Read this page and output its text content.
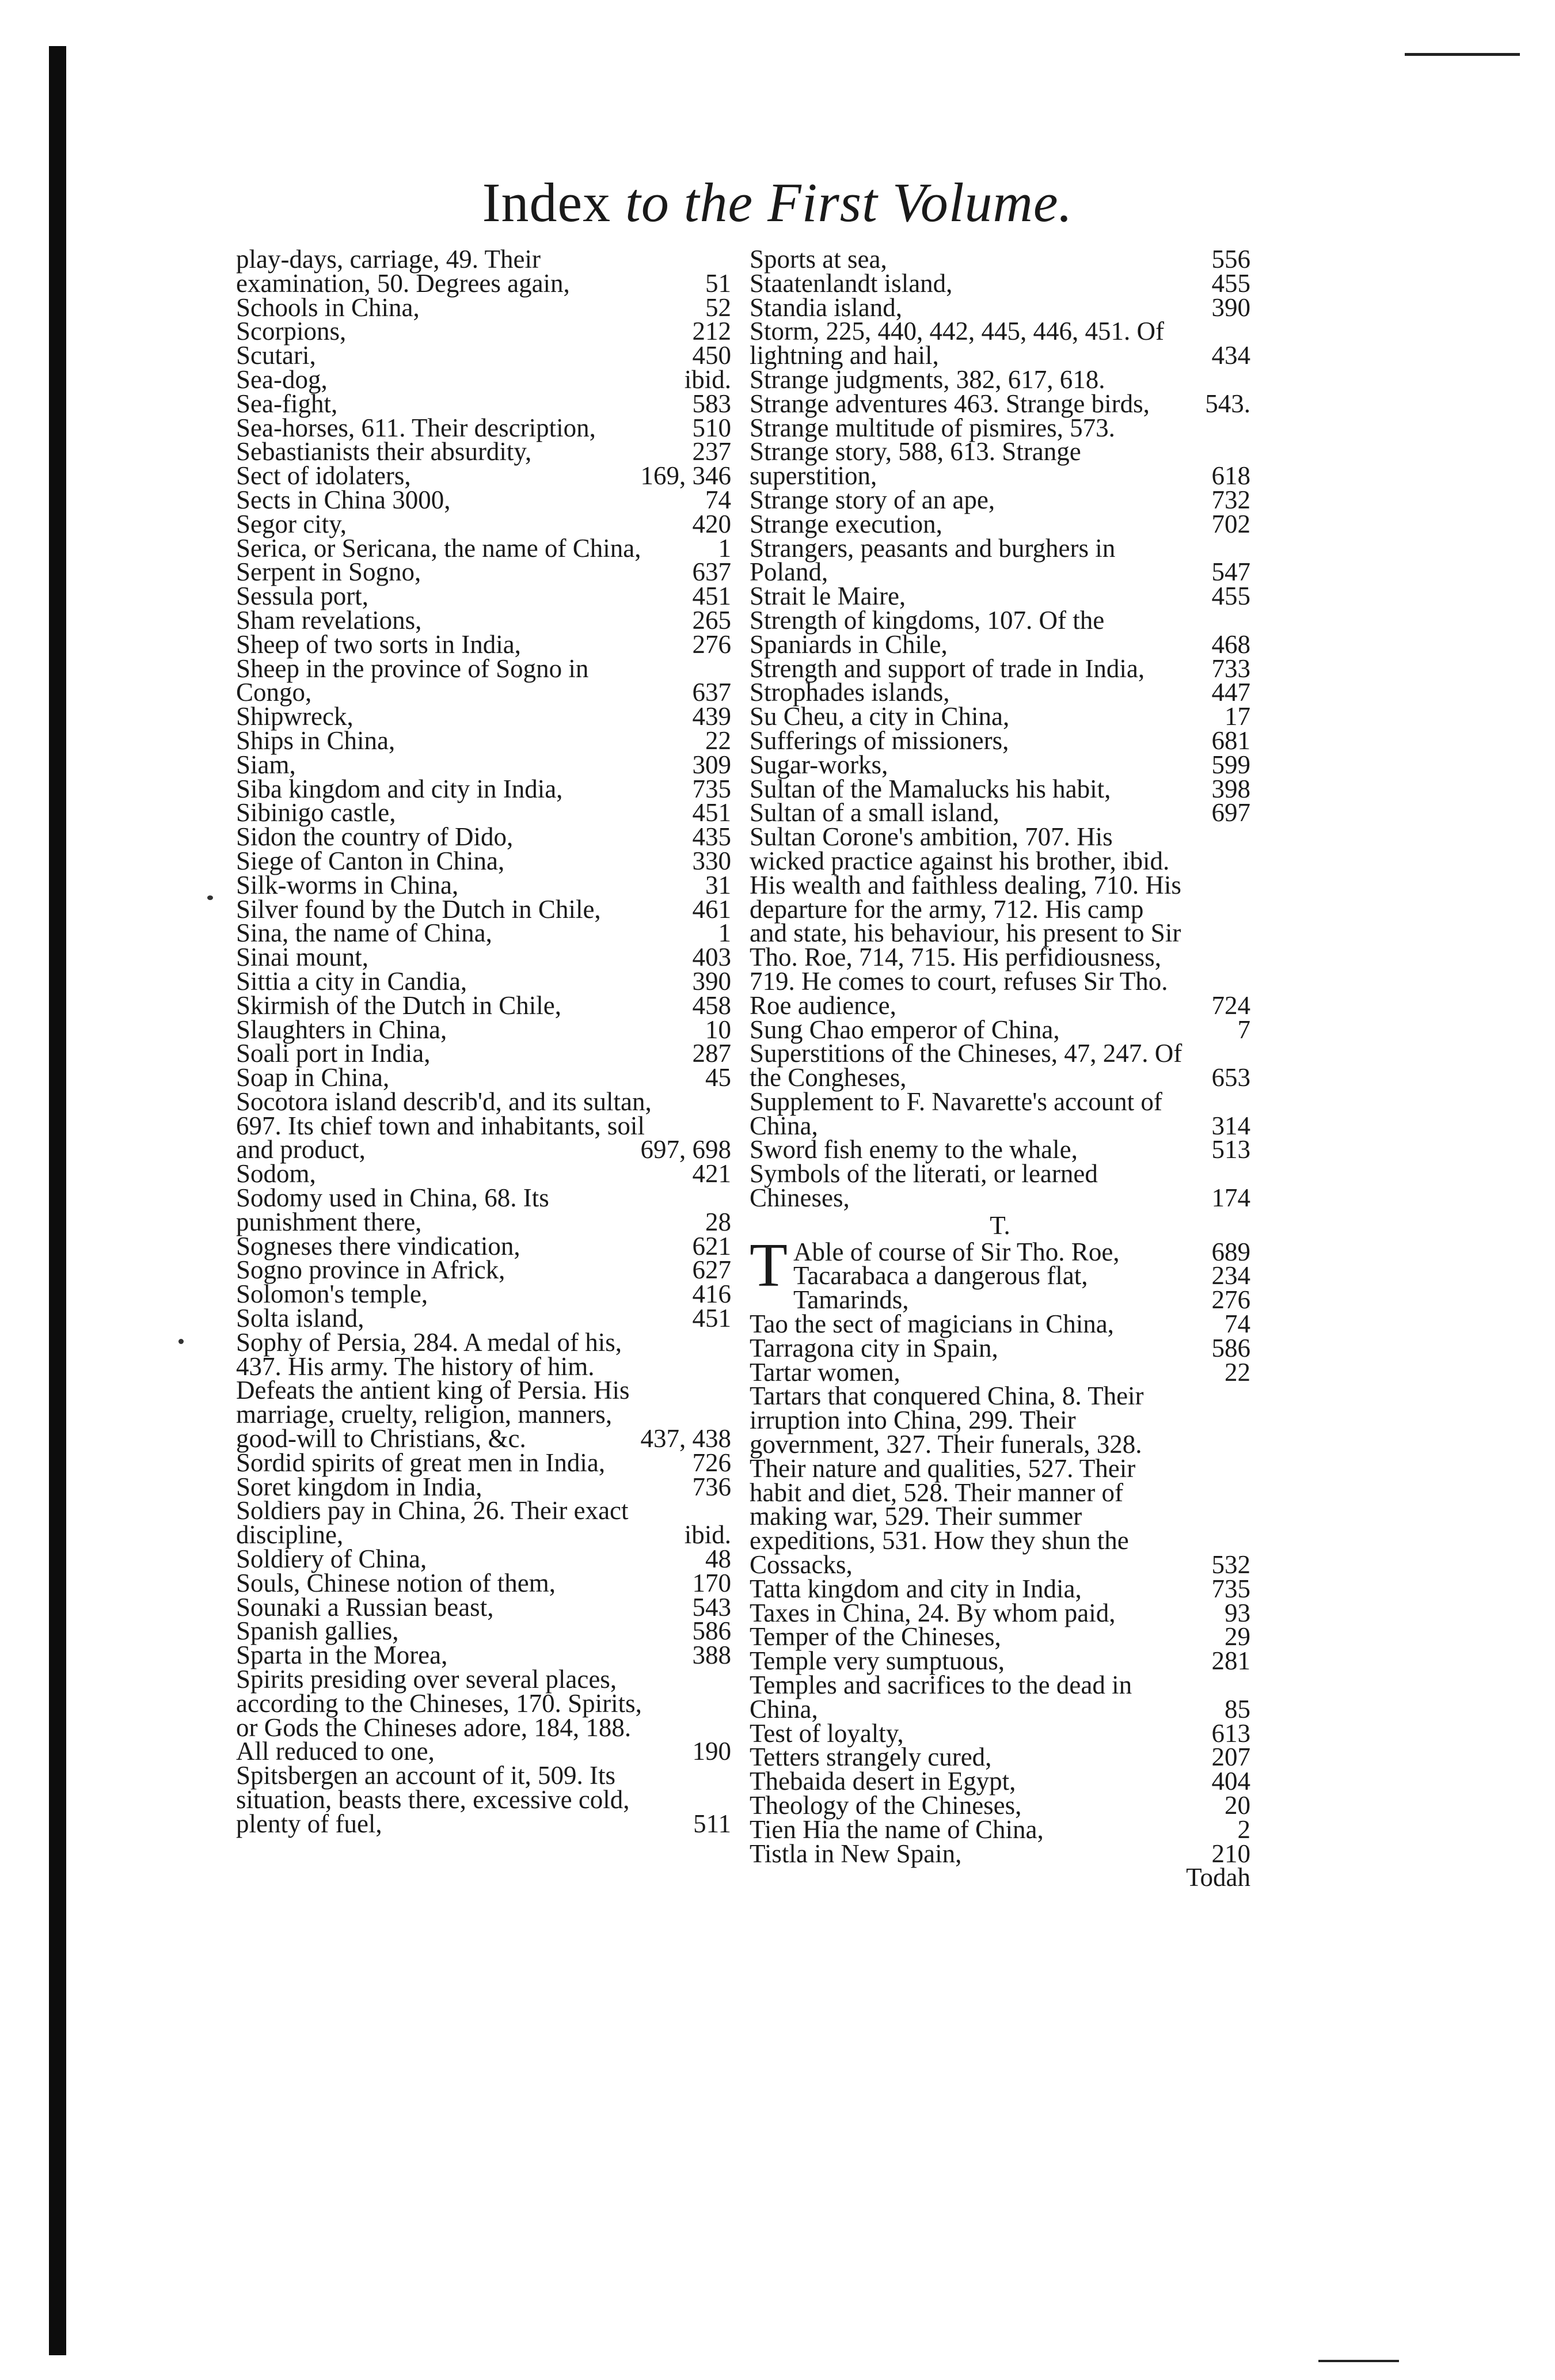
Index to the First Volume.
play-days, carriage, 49. Their examination, 50. Degrees again,	51
Schools in China,	52
Scorpions,	212
Scutari,	450
Sea-dog,	ibid.
Sea-fight,	583
Sea-horses, 611. Their description,	510
Sebastianists their absurdity,	237
Sect of idolaters,	169, 346
Sects in China 3000,	74
Segor city,	420
Serica, or Sericana, the name of China,	1
Serpent in Sogno,	637
Sessula port,	451
Sham revelations,	265
Sheep of two sorts in India,	276
Sheep in the province of Sogno in Congo,	637
Shipwreck,	439
Ships in China,	22
Siam,	309
Siba kingdom and city in India,	735
Sibinigo castle,	451
Sidon the country of Dido,	435
Siege of Canton in China,	330
Silk-worms in China,	31
Silver found by the Dutch in Chile,	461
Sina, the name of China,	1
Sinai mount,	403
Sittia a city in Candia,	390
Skirmish of the Dutch in Chile,	458
Slaughters in China,	10
Soali port in India,	287
Soap in China,	45
Socotora island describ'd, and its sultan, 697. Its chief town and inhabitants, soil and product,	697, 698
Sodom,	421
Sodomy used in China, 68. Its punishment there,	28
Sogneses there vindication,	621
Sogno province in Africk,	627
Solomon's temple,	416
Solta island,	451
Sophy of Persia, 284. A medal of his, 437. His army. The history of him. Defeats the antient king of Persia. His marriage, cruelty, religion, manners, good-will to Christians, &c.	437, 438
Sordid spirits of great men in India,	726
Soret kingdom in India,	736
Soldiers pay in China, 26. Their exact discipline,	ibid.
Soldiery of China,	48
Souls, Chinese notion of them,	170
Sounaki a Russian beast,	543
Spanish gallies,	586
Sparta in the Morea,	388
Spirits presiding over several places, according to the Chineses, 170. Spirits, or Gods the Chineses adore, 184, 188. All reduced to one,	190
Spitsbergen an account of it, 509. Its situation, beasts there, excessive cold, plenty of fuel,	511
Sports at sea,	556
Staatenlandt island,	455
Standia island,	390
Storm, 225, 440, 442, 445, 446, 451. Of lightning and hail,	434
Strange judgments, 382, 617, 618. Strange adventures 463. Strange birds, 543.
Strange multitude of pismires, 573. Strange story, 588, 613. Strange superstition,	618
Strange story of an ape,	732
Strange execution,	702
Strangers, peasants and burghers in Poland,	547
Strait le Maire,	455
Strength of kingdoms, 107. Of the Spaniards in Chile,	468
Strength and support of trade in India,	733
Strophades islands,	447
Su Cheu, a city in China,	17
Sufferings of missioners,	681
Sugar-works,	599
Sultan of the Mamalucks his habit,	398
Sultan of a small island,	697
Sultan Corone's ambition, 707. His wicked practice against his brother, ibid. His wealth and faithless dealing, 710. His departure for the army, 712. His camp and state, his behaviour, his present to Sir Tho. Roe, 714, 715. His perfidiousness, 719. He comes to court, refuses Sir Tho. Roe audience,	724
Sung Chao emperor of China,	7
Superstitions of the Chineses, 47, 247. Of the Congheses,	653
Supplement to F. Navarette's account of China,	314
Sword fish enemy to the whale,	513
Symbols of the literati, or learned Chineses,	174
T.
T Able of course of Sir Tho. Roe,	689
Tacarabaca a dangerous flat,	234
Tamarinds,	276
Tao the sect of magicians in China,	74
Tarragona city in Spain,	586
Tartar women,	22
Tartars that conquered China, 8. Their irruption into China, 299. Their government, 327. Their funerals, 328. Their nature and qualities, 527. Their habit and diet, 528. Their manner of making war, 529. Their summer expeditions, 531. How they shun the Cossacks,	532
Tatta kingdom and city in India,	735
Taxes in China, 24. By whom paid,	93
Temper of the Chineses,	29
Temple very sumptuous,	281
Temples and sacrifices to the dead in China,	85
Test of loyalty,	613
Tetters strangely cured,	207
Thebaida desert in Egypt,	404
Theology of the Chineses,	20
Tien Hia the name of China,	2
Tistla in New Spain,	210
Todah
